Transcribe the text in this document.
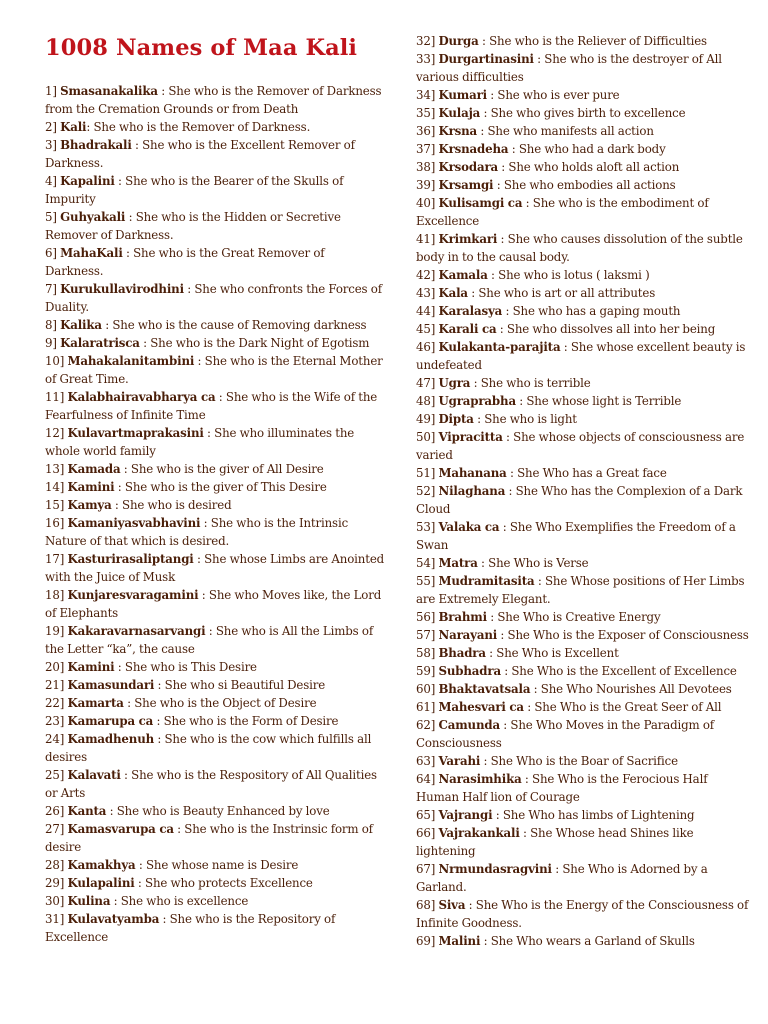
1008 Names of Maa Kali
1] Smasanakalika : She who is the Remover of Darkness from the Cremation Grounds or from Death
2] Kali: She who is the Remover of Darkness.
3] Bhadrakali : She who is the Excellent Remover of Darkness.
4] Kapalini : She who is the Bearer of the Skulls of Impurity
5] Guhyakali : She who is the Hidden or Secretive Remover of Darkness.
6] MahaKali : She who is the Great Remover of Darkness.
7] Kurukullavirodhini : She who confronts the Forces of Duality.
8] Kalika : She who is the cause of Removing darkness
9] Kalaratrisca : She who is the Dark Night of Egotism
10] Mahakalanitambini : She who is the Eternal Mother of Great Time.
11] Kalabhairavabharya ca : She who is the Wife of the Fearfulness of Infinite Time
12] Kulavartmaprakasini : She who illuminates the whole world family
13] Kamada : She who is the giver of All Desire
14] Kamini : She who is the giver of This Desire
15] Kamya : She who is desired
16] Kamaniyasvabhavini : She who is the Intrinsic Nature of that which is desired.
17] Kasturirasaliptangi : She whose Limbs are Anointed with the Juice of Musk
18] Kunjaresvaragamini : She who Moves like, the Lord of Elephants
19] Kakaravarnasarvangi : She who is All the Limbs of the Letter “ka”, the cause
20] Kamini : She who is This Desire
21] Kamasundari : She who si Beautiful Desire
22] Kamarta : She who is the Object of Desire
23] Kamarupa ca : She who is the Form of Desire
24] Kamadhenuh : She who is the cow which fulfills all desires
25] Kalavati : She who is the Respository of All Qualities or Arts
26] Kanta : She who is Beauty Enhanced by love
27] Kamasvarupa ca : She who is the Instrinsic form of desire
28] Kamakhya : She whose name is Desire
29] Kulapalini : She who protects Excellence
30] Kulina : She who is excellence
31] Kulavatyamba : She who is the Repository of Excellence
32] Durga : She who is the Reliever of Difficulties
33] Durgartinasini : She who is the destroyer of All various difficulties
34] Kumari : She who is ever pure
35] Kulaja : She who gives birth to excellence
36] Krsna : She who manifests all action
37] Krsnadeha : She who had a dark body
38] Krsodara : She who holds aloft all action
39] Krsamgi : She who embodies all actions
40] Kulisamgi ca : She who is the embodiment of Excellence
41] Krimkari : She who causes dissolution of the subtle body in to the causal body.
42] Kamala : She who is lotus ( laksmi )
43] Kala : She who is art or all attributes
44] Karalasya : She who has a gaping mouth
45] Karali ca : She who dissolves all into her being
46] Kulakanta-parajita : She whose excellent beauty is undefeated
47] Ugra : She who is terrible
48] Ugraprabha : She whose light is Terrible
49] Dipta : She who is light
50] Vipracitta : She whose objects of consciousness are varied
51] Mahanana : She Who has a Great face
52] Nilaghana : She Who has the Complexion of a Dark Cloud
53] Valaka ca : She Who Exemplifies the Freedom of a Swan
54] Matra : She Who is Verse
55] Mudramitasita : She Whose positions of Her Limbs are Extremely Elegant.
56] Brahmi : She Who is Creative Energy
57] Narayani : She Who is the Exposer of Consciousness
58] Bhadra : She Who is Excellent
59] Subhadra : She Who is the Excellent of Excellence
60] Bhaktavatsala : She Who Nourishes All Devotees
61] Mahesvari ca : She Who is the Great Seer of All
62] Camunda : She Who Moves in the Paradigm of Consciousness
63] Varahi : She Who is the Boar of Sacrifice
64] Narasimhika : She Who is the Ferocious Half Human Half lion of Courage
65] Vajrangi : She Who has limbs of Lightening
66] Vajrakankali : She Whose head Shines like lightening
67] Nrmundasragvini : She Who is Adorned by a Garland.
68] Siva : She Who is the Energy of the Consciousness of Infinite Goodness.
69] Malini : She Who wears a Garland of Skulls
